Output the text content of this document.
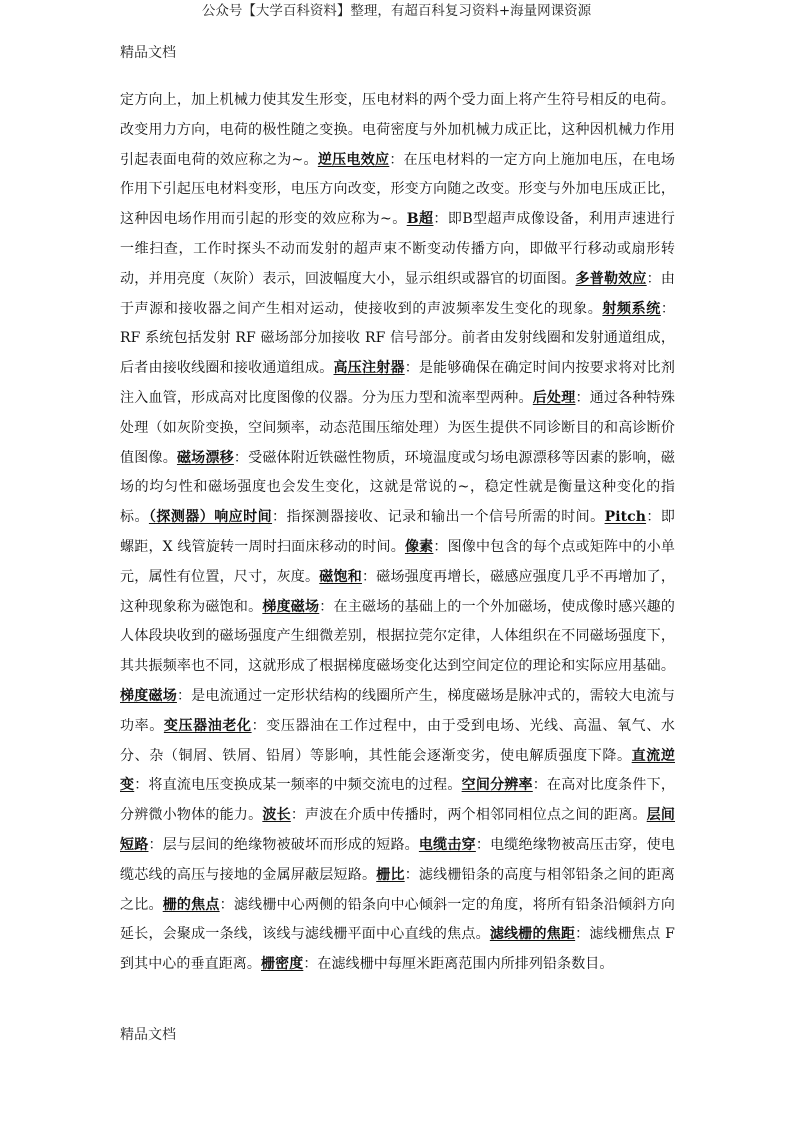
公众号【大学百科资料】整理，有超百科复习资料+海量网课资源
精品文档
定方向上，加上机械力使其发生形变，压电材料的两个受力面上将产生符号相反的电荷。改变用力方向，电荷的极性随之变换。电荷密度与外加机械力成正比，这种因机械力作用引起表面电荷的效应称之为~。逆压电效应：在压电材料的一定方向上施加电压，在电场作用下引起压电材料变形，电压方向改变，形变方向随之改变。形变与外加电压成正比，这种因电场作用而引起的形变的效应称为~。B超：即B型超声成像设备，利用声速进行一维扫查，工作时探头不动而发射的超声束不断变动传播方向，即做平行移动或扇形转动，并用亮度（灰阶）表示，回波幅度大小，显示组织或器官的切面图。多普勒效应：由于声源和接收器之间产生相对运动，使接收到的声波频率发生变化的现象。射频系统：RF 系统包括发射 RF 磁场部分加接收 RF 信号部分。前者由发射线圈和发射通道组成，后者由接收线圈和接收通道组成。高压注射器：是能够确保在确定时间内按要求将对比剂注入血管，形成高对比度图像的仪器。分为压力型和流率型两种。后处理：通过各种特殊处理（如灰阶变换，空间频率，动态范围压缩处理）为医生提供不同诊断目的和高诊断价值图像。磁场漂移：受磁体附近铁磁性物质，环境温度或匀场电源漂移等因素的影响，磁场的均匀性和磁场强度也会发生变化，这就是常说的~，稳定性就是衡量这种变化的指标。（探测器）响应时间：指探测器接收、记录和输出一个信号所需的时间。Pitch：即螺距，X 线管旋转一周时扫面床移动的时间。像素：图像中包含的每个点或矩阵中的小单元，属性有位置，尺寸，灰度。磁饱和：磁场强度再增长，磁感应强度几乎不再增加了，这种现象称为磁饱和。梯度磁场：在主磁场的基础上的一个外加磁场，使成像时感兴趣的人体段块收到的磁场强度产生细微差别，根据拉莞尔定律，人体组织在不同磁场强度下，其共振频率也不同，这就形成了根据梯度磁场变化达到空间定位的理论和实际应用基础。梯度磁场：是电流通过一定形状结构的线圈所产生，梯度磁场是脉冲式的，需较大电流与功率。变压器油老化：变压器油在工作过程中，由于受到电场、光线、高温、氧气、水分、杂（铜屑、铁屑、铅屑）等影响，其性能会逐渐变劣，使电解质强度下降。直流逆变：将直流电压变换成某一频率的中频交流电的过程。空间分辨率：在高对比度条件下，分辨微小物体的能力。波长：声波在介质中传播时，两个相邻同相位点之间的距离。层间短路：层与层间的绝缘物被破坏而形成的短路。电缆击穿：电缆绝缘物被高压击穿，使电缆芯线的高压与接地的金属屏蔽层短路。栅比：滤线栅铅条的高度与相邻铅条之间的距离之比。栅的焦点：滤线栅中心两侧的铅条向中心倾斜一定的角度，将所有铅条沿倾斜方向延长，会聚成一条线，该线与滤线栅平面中心直线的焦点。滤线栅的焦距：滤线栅焦点 F 到其中心的垂直距离。栅密度：在滤线栅中每厘米距离范围内所排列铅条数目。
精品文档
